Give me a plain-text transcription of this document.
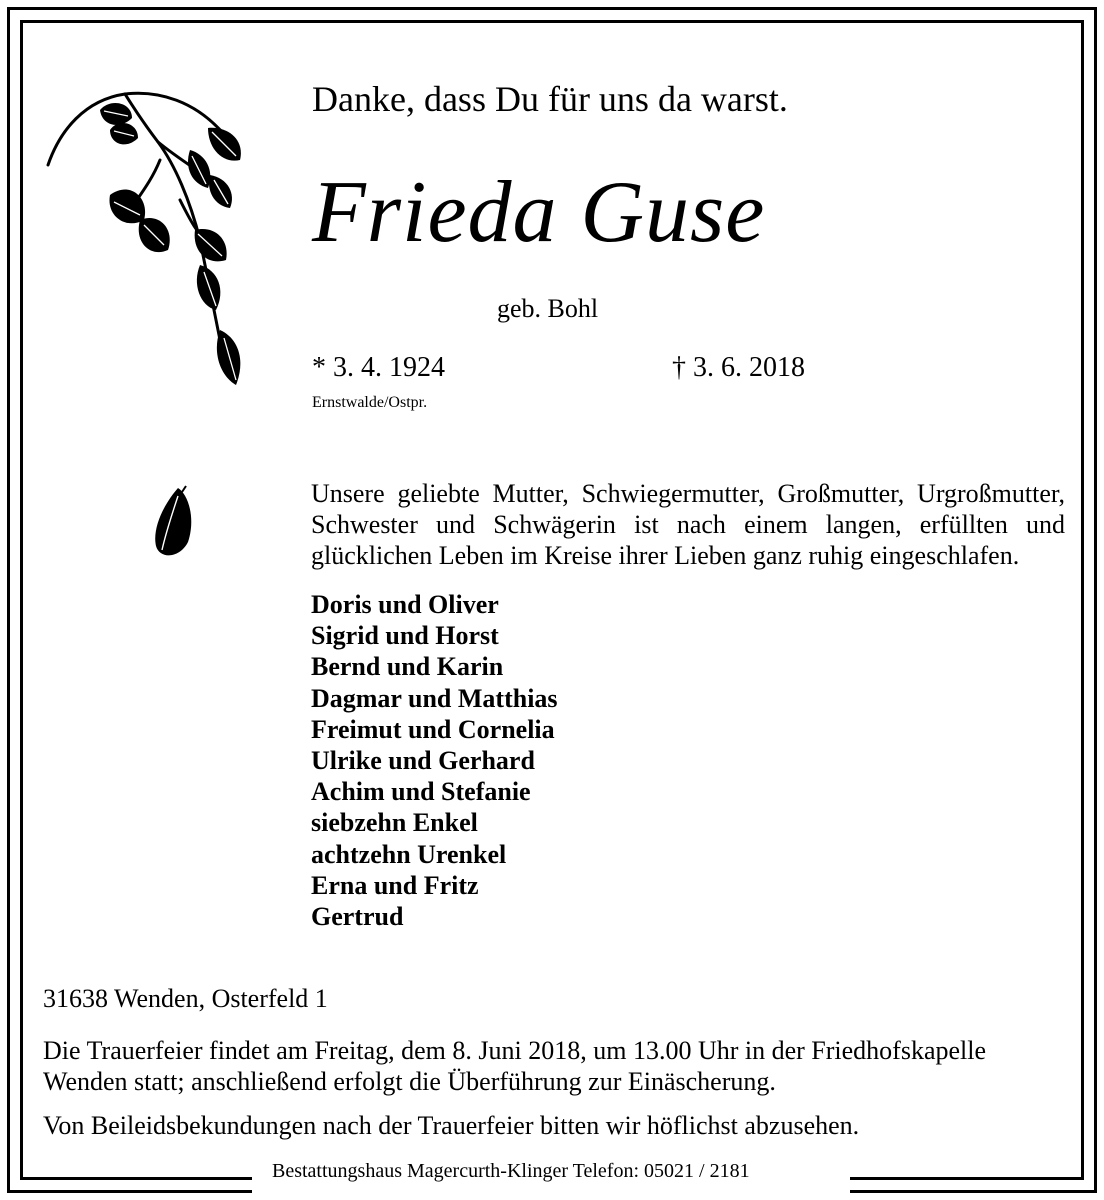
Danke, dass Du für uns da warst.

Frieda Guse

geb. Bohl

* 3. 4. 1924	† 3. 6. 2018

Ernstwalde/Ostpr.

Unsere geliebte Mutter, Schwiegermutter, Großmutter, Urgroßmutter,
Schwester und Schwägerin ist nach einem langen, erfüllten und
glücklichen Leben im Kreise ihrer Lieben ganz ruhig eingeschlafen.

Doris und Oliver
Sigrid und Horst
Bernd und Karin
Dagmar und Matthias
Freimut und Cornelia
Ulrike und Gerhard
Achim und Stefanie
siebzehn Enkel
achtzehn Urenkel
Erna und Fritz
Gertrud

31638 Wenden, Osterfeld 1

Die Trauerfeier findet am Freitag, dem 8. Juni 2018, um 13.00 Uhr in der Friedhofskapelle
Wenden statt; anschließend erfolgt die Überführung zur Einäscherung.

Von Beileidsbekundungen nach der Trauerfeier bitten wir höflichst abzusehen.

Bestattungshaus Magercurth-Klinger Telefon: 05021 / 2181
